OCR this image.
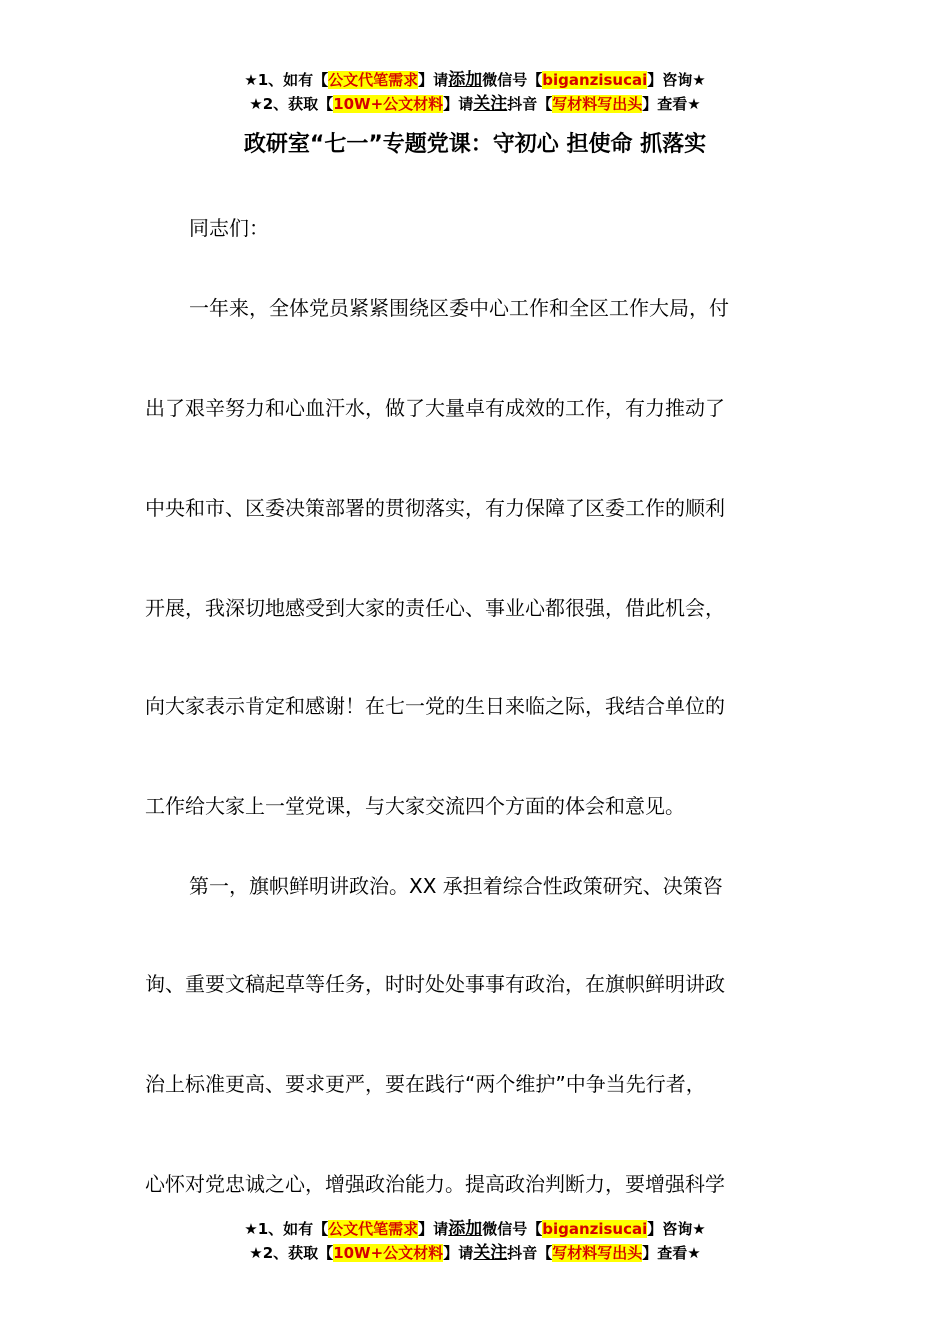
★1、如有【公文代笔需求】请添加微信号【biganzisucai】咨询★
★2、获取【10W+公文材料】请关注抖音【写材料写出头】查看★
政研室“七一”专题党课：守初心 担使命 抓落实
同志们：
一年来，全体党员紧紧围绕区委中心工作和全区工作大局，付
出了艰辛努力和心血汗水，做了大量卓有成效的工作，有力推动了
中央和市、区委决策部署的贯彻落实，有力保障了区委工作的顺利
开展，我深切地感受到大家的责任心、事业心都很强，借此机会，
向大家表示肯定和感谢！在七一党的生日来临之际，我结合单位的
工作给大家上一堂党课，与大家交流四个方面的体会和意见。
第一，旗帜鲜明讲政治。XX 承担着综合性政策研究、决策咨
询、重要文稿起草等任务，时时处处事事有政治，在旗帜鲜明讲政
治上标准更高、要求更严，要在践行“两个维护”中争当先行者，
心怀对党忠诚之心，增强政治能力。提高政治判断力，要增强科学
★1、如有【公文代笔需求】请添加微信号【biganzisucai】咨询★
★2、获取【10W+公文材料】请关注抖音【写材料写出头】查看★
